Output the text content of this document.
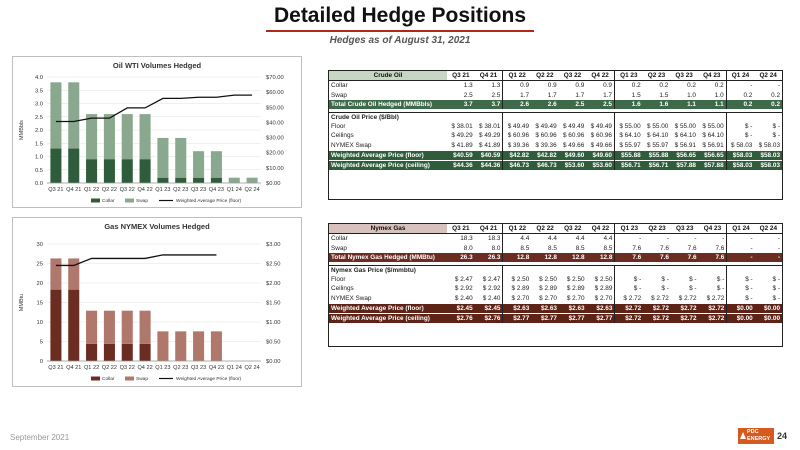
Detailed Hedge Positions
Hedges as of August 31, 2021
Oil WTI Volumes Hedged
0.0
0.5
1.0
1.5
2.0
2.5
3.0
3.5
4.0
$0.00
$10.00
$20.00
$30.00
$40.00
$50.00
$60.00
$70.00
MMBbls
Q3 21 Q4 21 Q1 22 Q2 22 Q3 22 Q4 22 Q1 23 Q2 23 Q3 23 Q4 23 Q1 24 Q2 24
Collar	Swap	Weighted Average Price (floor)
Gas NYMEX Volumes Hedged
0
5
10
15
20
25
30
$0.00
$0.50
$1.00
$1.50
$2.00
$2.50
$3.00
MMBtu
Q3 21 Q4 21 Q1 22 Q2 22 Q3 22 Q4 22 Q1 23 Q2 23 Q3 23 Q4 23 Q1 24 Q2 24
Collar	Swap	Weighted Average Price (floor)
Crude Oil	Q3 21	Q4 21	Q1 22	Q2 22	Q3 22	Q4 22	Q1 23	Q2 23	Q3 23	Q4 23	Q1 24	Q2 24
Collar	1.3	1.3	0.9	0.9	0.9	0.9	0.2	0.2	0.2	0.2	-	-
Swap	2.5	2.5	1.7	1.7	1.7	1.7	1.5	1.5	1.0	1.0	0.2	0.2
Total Crude Oil Hedged (MMBbls)	3.7	3.7	2.6	2.6	2.5	2.5	1.6	1.6	1.1	1.1	0.2	0.2

Crude Oil Price ($/Bbl)												
Floor	$ 38.01	$ 38.01	$ 49.49	$ 49.49	$ 49.49	$ 49.49	$ 55.00	$ 55.00	$ 55.00	$ 55.00	$ -	$ -
Ceilings	$ 49.29	$ 49.29	$ 60.96	$ 60.96	$ 60.96	$ 60.96	$ 64.10	$ 64.10	$ 64.10	$ 64.10	$ -	$ -
NYMEX Swap	$ 41.89	$ 41.89	$ 39.36	$ 39.36	$ 49.66	$ 49.66	$ 55.97	$ 55.97	$ 56.91	$ 56.91	$ 58.03	$ 58.03
Weighted Average Price (floor)	$40.59	$40.59	$42.82	$42.82	$49.60	$49.60	$55.88	$55.88	$56.65	$56.65	$58.03	$58.03
Weighted Average Price (ceiling)	$44.36	$44.36	$46.73	$46.73	$53.60	$53.60	$56.71	$56.71	$57.88	$57.88	$58.03	$58.03
Nymex Gas	Q3 21	Q4 21	Q1 22	Q2 22	Q3 22	Q4 22	Q1 23	Q2 23	Q3 23	Q4 23	Q1 24	Q2 24
Collar	18.3	18.3	4.4	4.4	4.4	4.4	-	-	-	-	-	-
Swap	8.0	8.0	8.5	8.5	8.5	8.5	7.6	7.6	7.6	7.6	-	-
Total Nymex Gas Hedged (MMBtu)	26.3	26.3	12.8	12.8	12.8	12.8	7.6	7.6	7.6	7.6	-	-

Nymex Gas Price ($/mmbtu)												
Floor	$ 2.47	$ 2.47	$ 2.50	$ 2.50	$ 2.50	$ 2.50	$ -	$ -	$ -	$ -	$ -	$ -
Ceilings	$ 2.92	$ 2.92	$ 2.89	$ 2.89	$ 2.89	$ 2.89	$ -	$ -	$ -	$ -	$ -	$ -
NYMEX Swap	$ 2.40	$ 2.40	$ 2.70	$ 2.70	$ 2.70	$ 2.70	$ 2.72	$ 2.72	$ 2.72	$ 2.72	$ -	$ -
Weighted Average Price (floor)	$2.45	$2.45	$2.63	$2.63	$2.63	$2.63	$2.72	$2.72	$2.72	$2.72	$0.00	$0.00
Weighted Average Price (ceiling)	$2.76	$2.76	$2.77	$2.77	$2.77	$2.77	$2.72	$2.72	$2.72	$2.72	$0.00	$0.00
September 2021
PDC
ENERGY 24
